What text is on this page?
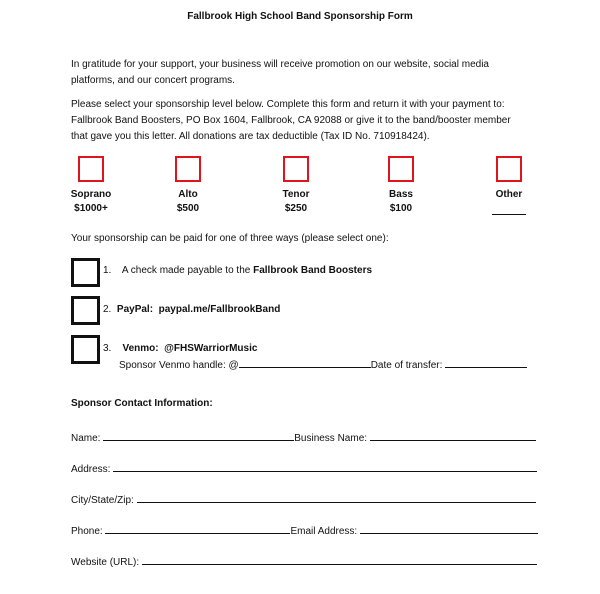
Fallbrook High School Band Sponsorship Form
In gratitude for your support, your business will receive promotion on our website, social media
platforms, and our concert programs.
Please select your sponsorship level below. Complete this form and return it with your payment to:
Fallbrook Band Boosters, PO Box 1604, Fallbrook, CA 92088 or give it to the band/booster member
that gave you this letter. All donations are tax deductible (Tax ID No. 710918424).
Soprano
$1000+
Alto
$500
Tenor
$250
Bass
$100
Other
Your sponsorship can be paid for one of three ways (please select one):
1. A check made payable to the Fallbrook Band Boosters
2. PayPal: paypal.me/FallbrookBand
3. Venmo: @FHSWarriorMusic
Sponsor Venmo handle: @	Date of transfer:
Sponsor Contact Information:
Name:	Business Name:
Address:
City/State/Zip:
Phone:	Email Address:
Website (URL):
